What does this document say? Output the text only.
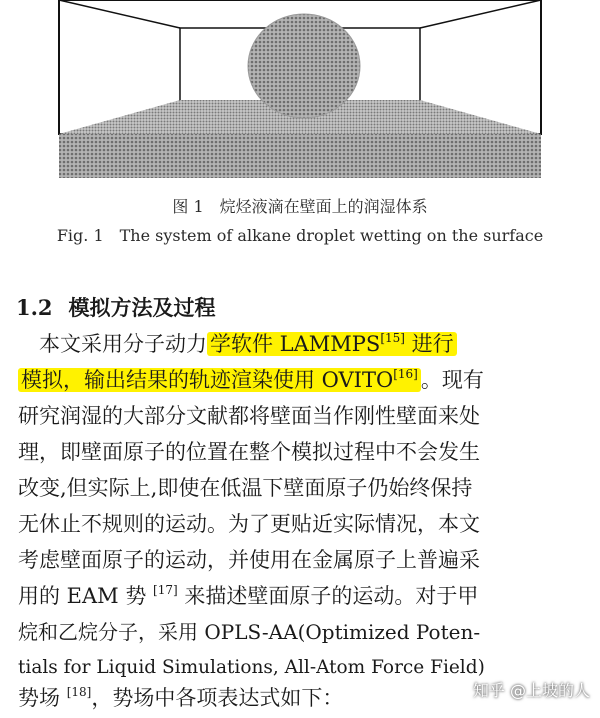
图 1　烷烃液滴在壁面上的润湿体系
Fig. 1　The system of alkane droplet wetting on the surface
1.2 模拟方法及过程
　本文采用分子动力 学软件 LAMMPS[15] 进行
模拟，输出结果的轨迹渲染使用 OVITO[16] 。现有
研究润湿的大部分文献都将壁面当作刚性壁面来处
理，即壁面原子的位置在整个模拟过程中不会发生
改变,但实际上,即使在低温下壁面原子仍始终保持
无休止不规则的运动。为了更贴近实际情况，本文
考虑壁面原子的运动，并使用在金属原子上普遍采
用的 EAM 势 [17] 来描述壁面原子的运动。对于甲
烷和乙烷分子，采用 OPLS-AA(Optimized Poten-
tials for Liquid Simulations, All-Atom Force Field)
势场 [18]，势场中各项表达式如下：	知乎 @上坡的人
